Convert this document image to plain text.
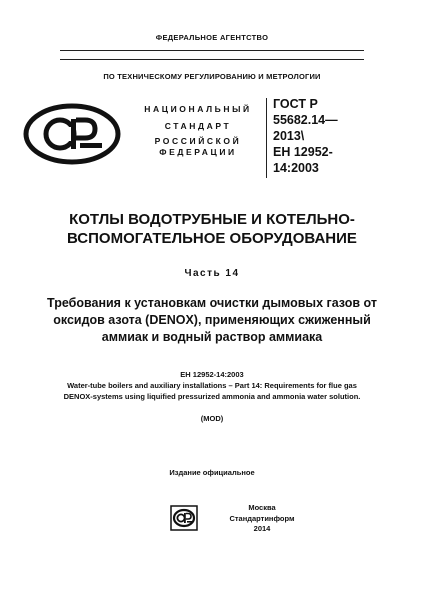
ФЕДЕРАЛЬНОЕ АГЕНТСТВО
ПО ТЕХНИЧЕСКОМУ РЕГУЛИРОВАНИЮ И МЕТРОЛОГИИ
НАЦИОНАЛЬНЫЙ
СТАНДАРТ
РОССИЙСКОЙ
ФЕДЕРАЦИИ
ГОСТ Р
55682.14—
2013\
EH 12952-
14:2003
КОТЛЫ ВОДОТРУБНЫЕ И КОТЕЛЬНО-
ВСПОМОГАТЕЛЬНОЕ ОБОРУДОВАНИЕ
Часть 14
Требования к установкам очистки дымовых газов от
оксидов азота (DENOX), применяющих сжиженный
аммиак и водный раствор аммиака
EH 12952-14:2003
Water-tube boilers and auxiliary installations – Part 14: Requirements for flue gas
DENOX-systems using liquified pressurized ammonia and ammonia water solution.
(MOD)
Издание официальное
Москва
Стандартинформ
2014
